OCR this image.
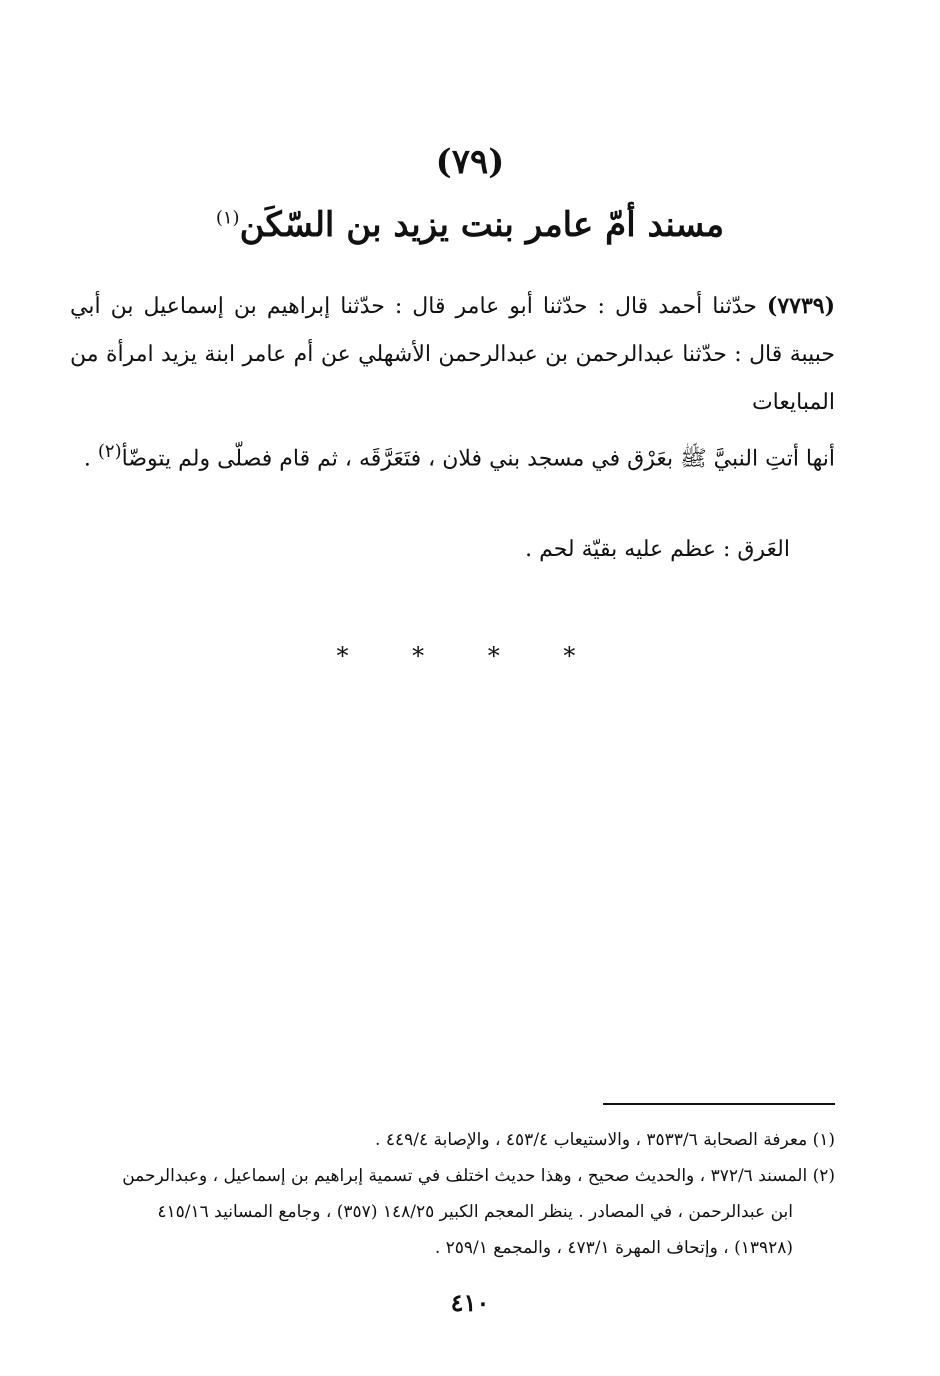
(٧٩)
مسند أمّ عامر بنت يزيد بن السّكَن$^{(١)}$
(٧٧٣٩) حدّثنا أحمد قال : حدّثنا أبو عامر قال : حدّثنا إبراهيم بن إسماعيل بن أبي حبيبة قال : حدّثنا عبدالرحمن بن عبدالرحمن الأشهلي عن أم عامر ابنة يزيد امرأة من المبايعات
أنها أتتِ النبيَّ ﷺ بعَرْق في مسجد بني فلان ، فتَعَرَّقَه ، ثم قام فصلّى ولم يتوضّأ$^{(٢)}$ .
العَرق : عظم عليه بقيّة لحم .
* * * *

(١) معرفة الصحابة ٣٥٣٣/٦ ، والاستيعاب ٤٥٣/٤ ، والإصابة ٤٤٩/٤ .

(٢) المسند ٣٧٢/٦ ، والحديث صحيح ، وهذا حديث اختلف في تسمية إبراهيم بن إسماعيل ، وعبدالرحمن
ابن عبدالرحمن ، في المصادر . ينظر المعجم الكبير ١٤٨/٢٥ (٣٥٧) ، وجامع المسانيد ٤١٥/١٦
(١٣٩٢٨) ، وإتحاف المهرة ٤٧٣/١ ، والمجمع ٢٥٩/١ .

٤١٠
